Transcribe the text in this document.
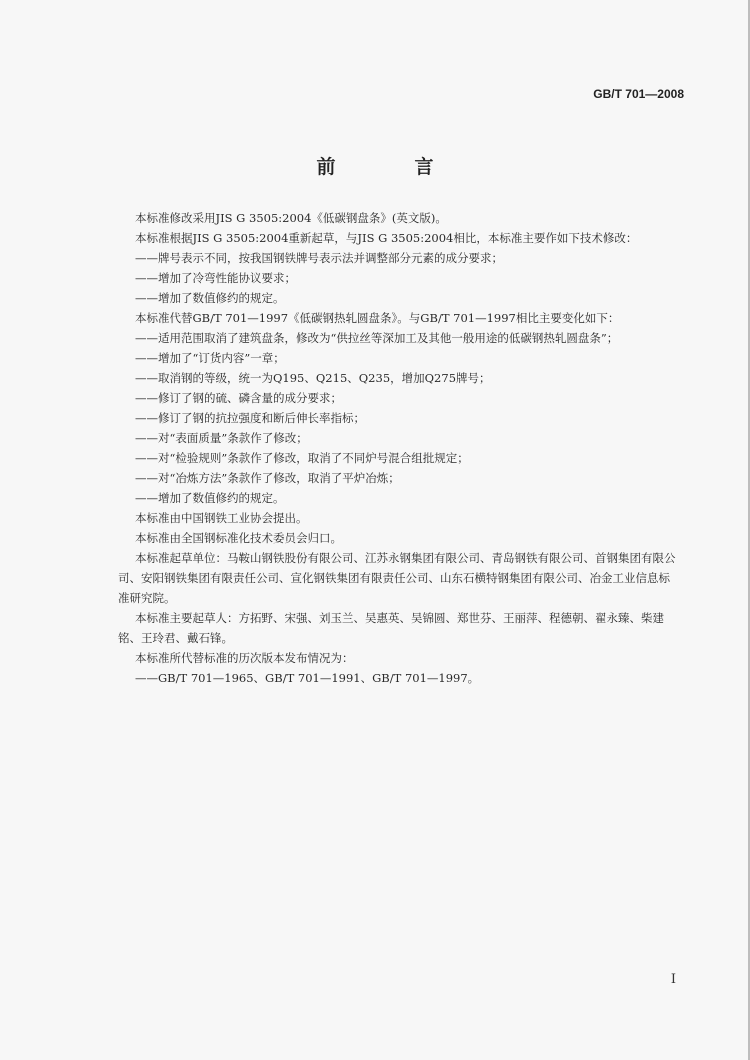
GB/T 701—2008
前　言

本标准修改采用JIS G 3505:2004《低碳钢盘条》(英文版)。

本标准根据JIS G 3505:2004重新起草，与JIS G 3505:2004相比，本标准主要作如下技术修改：

——牌号表示不同，按我国钢铁牌号表示法并调整部分元素的成分要求；

——增加了冷弯性能协议要求；

——增加了数值修约的规定。

本标准代替GB/T 701—1997《低碳钢热轧圆盘条》。与GB/T 701—1997相比主要变化如下：

——适用范围取消了建筑盘条，修改为“供拉丝等深加工及其他一般用途的低碳钢热轧圆盘条”；

——增加了“订货内容”一章；

——取消钢的等级，统一为Q195、Q215、Q235，增加Q275牌号；

——修订了钢的硫、磷含量的成分要求；

——修订了钢的抗拉强度和断后伸长率指标；

——对“表面质量”条款作了修改；

——对“检验规则”条款作了修改，取消了不同炉号混合组批规定；

——对“冶炼方法”条款作了修改，取消了平炉冶炼；

——增加了数值修约的规定。

本标准由中国钢铁工业协会提出。

本标准由全国钢标准化技术委员会归口。

本标准起草单位：马鞍山钢铁股份有限公司、江苏永钢集团有限公司、青岛钢铁有限公司、首钢集团有限公司、安阳钢铁集团有限责任公司、宣化钢铁集团有限责任公司、山东石横特钢集团有限公司、冶金工业信息标准研究院。

本标准主要起草人：方拓野、宋强、刘玉兰、吴惠英、吴锦圆、郑世芬、王丽萍、程德朝、翟永臻、柴建铭、王玲君、戴石锋。

本标准所代替标准的历次版本发布情况为：

——GB/T 701—1965、GB/T 701—1991、GB/T 701—1997。

I
